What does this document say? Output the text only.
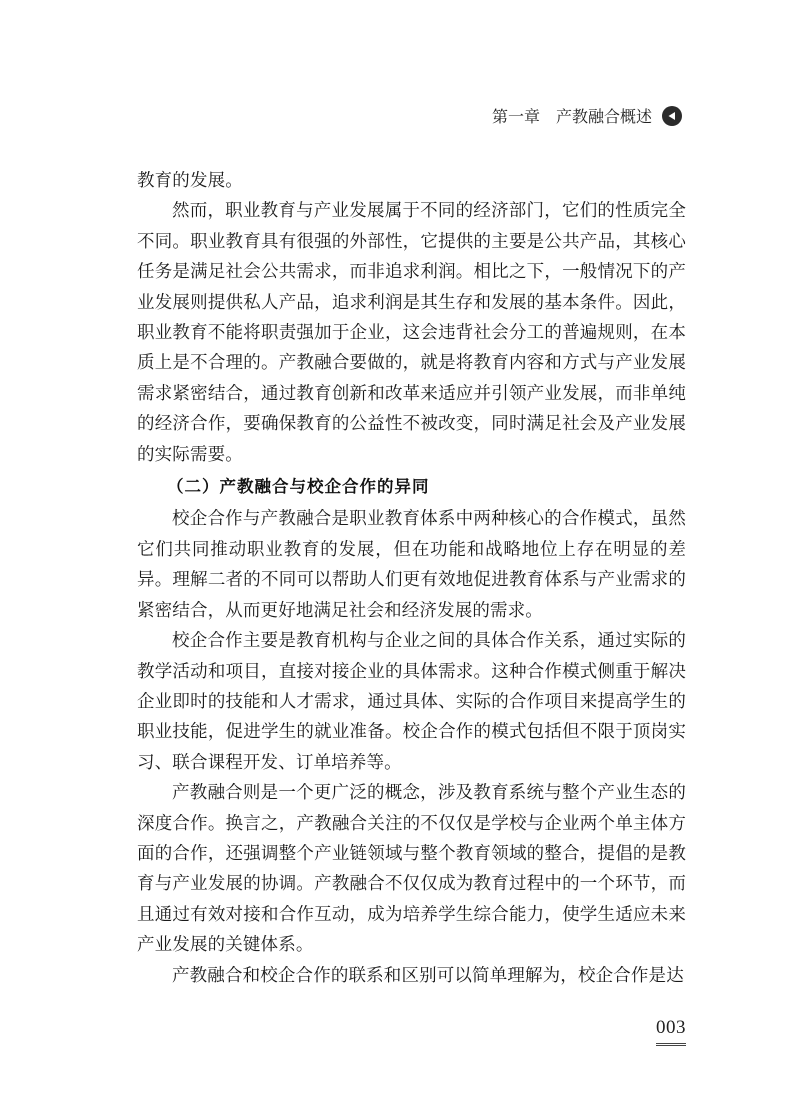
第一章 产教融合概述

教育的发展。

然而，职业教育与产业发展属于不同的经济部门，它们的性质完全不同。职业教育具有很强的外部性，它提供的主要是公共产品，其核心任务是满足社会公共需求，而非追求利润。相比之下，一般情况下的产业发展则提供私人产品，追求利润是其生存和发展的基本条件。因此，职业教育不能将职责强加于企业，这会违背社会分工的普遍规则，在本质上是不合理的。产教融合要做的，就是将教育内容和方式与产业发展需求紧密结合，通过教育创新和改革来适应并引领产业发展，而非单纯的经济合作，要确保教育的公益性不被改变，同时满足社会及产业发展的实际需要。

（二）产教融合与校企合作的异同

校企合作与产教融合是职业教育体系中两种核心的合作模式，虽然它们共同推动职业教育的发展，但在功能和战略地位上存在明显的差异。理解二者的不同可以帮助人们更有效地促进教育体系与产业需求的紧密结合，从而更好地满足社会和经济发展的需求。

校企合作主要是教育机构与企业之间的具体合作关系，通过实际的教学活动和项目，直接对接企业的具体需求。这种合作模式侧重于解决企业即时的技能和人才需求，通过具体、实际的合作项目来提高学生的职业技能，促进学生的就业准备。校企合作的模式包括但不限于顶岗实习、联合课程开发、订单培养等。

产教融合则是一个更广泛的概念，涉及教育系统与整个产业生态的深度合作。换言之，产教融合关注的不仅仅是学校与企业两个单主体方面的合作，还强调整个产业链领域与整个教育领域的整合，提倡的是教育与产业发展的协调。产教融合不仅仅成为教育过程中的一个环节，而且通过有效对接和合作互动，成为培养学生综合能力，使学生适应未来产业发展的关键体系。

产教融合和校企合作的联系和区别可以简单理解为，校企合作是达

003
